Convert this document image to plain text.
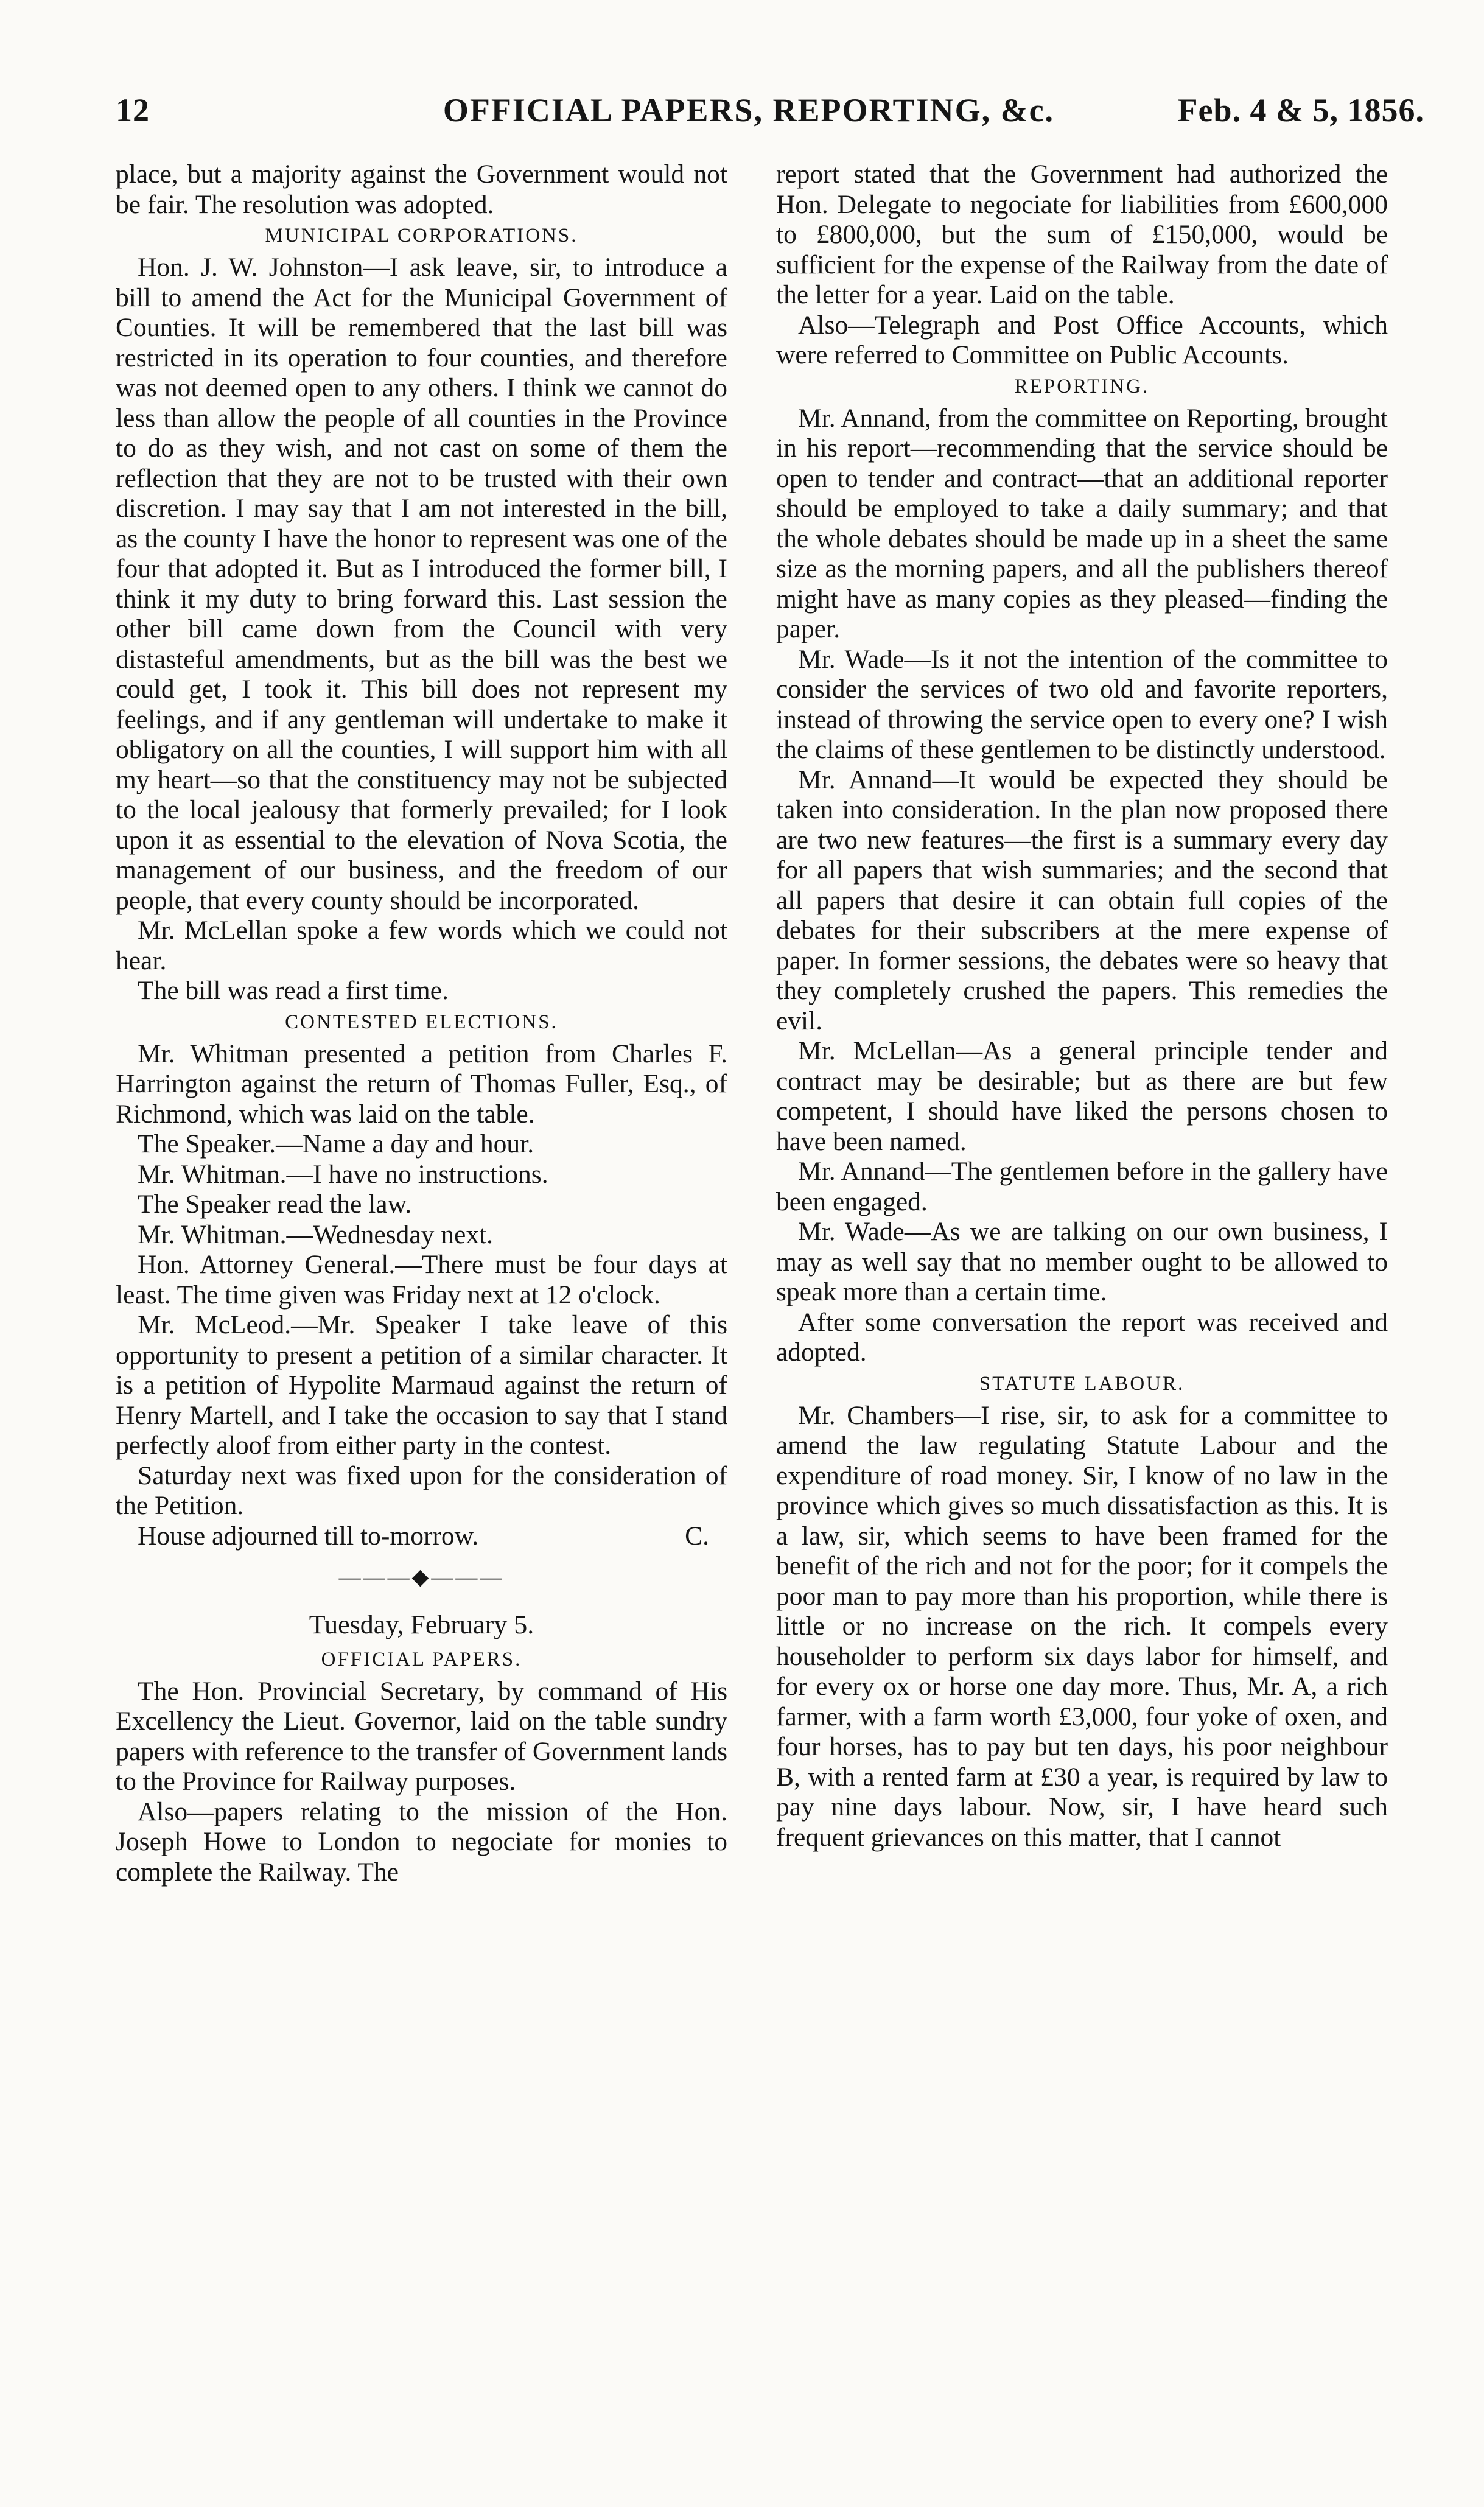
12	OFFICIAL PAPERS, REPORTING, &c.	Feb. 4 & 5, 1856.

place, but a majority against the Government would not be fair. The resolution was adopted.

MUNICIPAL CORPORATIONS.

Hon. J. W. Johnston—I ask leave, sir, to introduce a bill to amend the Act for the Municipal Government of Counties. It will be remembered that the last bill was restricted in its operation to four counties, and therefore was not deemed open to any others. I think we cannot do less than allow the people of all counties in the Province to do as they wish, and not cast on some of them the reflection that they are not to be trusted with their own discretion. I may say that I am not interested in the bill, as the county I have the honor to represent was one of the four that adopted it. But as I introduced the former bill, I think it my duty to bring forward this. Last session the other bill came down from the Council with very distasteful amendments, but as the bill was the best we could get, I took it. This bill does not represent my feelings, and if any gentleman will undertake to make it obligatory on all the counties, I will support him with all my heart—so that the constituency may not be subjected to the local jealousy that formerly prevailed; for I look upon it as essential to the elevation of Nova Scotia, the management of our business, and the freedom of our people, that every county should be incorporated.

Mr. McLellan spoke a few words which we could not hear.

The bill was read a first time.

CONTESTED ELECTIONS.

Mr. Whitman presented a petition from Charles F. Harrington against the return of Thomas Fuller, Esq., of Richmond, which was laid on the table.

The Speaker.—Name a day and hour.

Mr. Whitman.—I have no instructions.

The Speaker read the law.

Mr. Whitman.—Wednesday next.

Hon. Attorney General.—There must be four days at least. The time given was Friday next at 12 o'clock.

Mr. McLeod.—Mr. Speaker I take leave of this opportunity to present a petition of a similar character. It is a petition of Hypolite Marmaud against the return of Henry Martell, and I take the occasion to say that I stand perfectly aloof from either party in the contest.

Saturday next was fixed upon for the consideration of the Petition.

House adjourned till to-morrow.	C.

———◆———
Tuesday, February 5.
OFFICIAL PAPERS.

The Hon. Provincial Secretary, by command of His Excellency the Lieut. Governor, laid on the table sundry papers with reference to the transfer of Government lands to the Province for Railway purposes.

Also—papers relating to the mission of the Hon. Joseph Howe to London to negociate for monies to complete the Railway. The

report stated that the Government had authorized the Hon. Delegate to negociate for liabilities from £600,000 to £800,000, but the sum of £150,000, would be sufficient for the expense of the Railway from the date of the letter for a year. Laid on the table.

Also—Telegraph and Post Office Accounts, which were referred to Committee on Public Accounts.

REPORTING.

Mr. Annand, from the committee on Reporting, brought in his report—recommending that the service should be open to tender and contract—that an additional reporter should be employed to take a daily summary; and that the whole debates should be made up in a sheet the same size as the morning papers, and all the publishers thereof might have as many copies as they pleased—finding the paper.

Mr. Wade—Is it not the intention of the committee to consider the services of two old and favorite reporters, instead of throwing the service open to every one? I wish the claims of these gentlemen to be distinctly understood.

Mr. Annand—It would be expected they should be taken into consideration. In the plan now proposed there are two new features—the first is a summary every day for all papers that wish summaries; and the second that all papers that desire it can obtain full copies of the debates for their subscribers at the mere expense of paper. In former sessions, the debates were so heavy that they completely crushed the papers. This remedies the evil.

Mr. McLellan—As a general principle tender and contract may be desirable; but as there are but few competent, I should have liked the persons chosen to have been named.

Mr. Annand—The gentlemen before in the gallery have been engaged.

Mr. Wade—As we are talking on our own business, I may as well say that no member ought to be allowed to speak more than a certain time.

After some conversation the report was received and adopted.

STATUTE LABOUR.

Mr. Chambers—I rise, sir, to ask for a committee to amend the law regulating Statute Labour and the expenditure of road money. Sir, I know of no law in the province which gives so much dissatisfaction as this. It is a law, sir, which seems to have been framed for the benefit of the rich and not for the poor; for it compels the poor man to pay more than his proportion, while there is little or no increase on the rich. It compels every householder to perform six days labor for himself, and for every ox or horse one day more. Thus, Mr. A, a rich farmer, with a farm worth £3,000, four yoke of oxen, and four horses, has to pay but ten days, his poor neighbour B, with a rented farm at £30 a year, is required by law to pay nine days labour. Now, sir, I have heard such frequent grievances on this matter, that I cannot
